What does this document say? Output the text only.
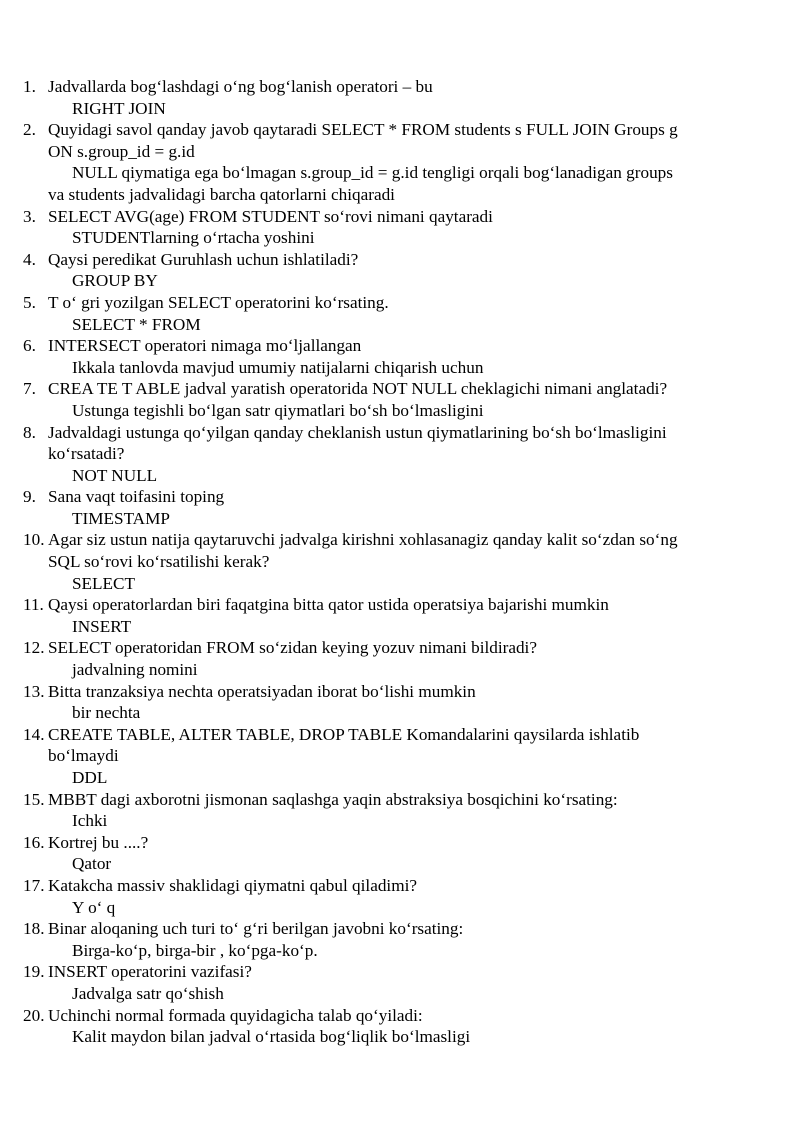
1. Jadvallarda bog‘lashdagi o‘ng bog‘lanish operatori – bu
RIGHT JOIN
2. Quyidagi savol qanday javob qaytaradi SELECT * FROM students s FULL JOIN Groups g
ON s.group_id = g.id
NULL qiymatiga ega bo‘lmagan s.group_id = g.id tengligi orqali bog‘lanadigan groups
va students jadvalidagi barcha qatorlarni chiqaradi
3. SELECT AVG(age) FROM STUDENT so‘rovi nimani qaytaradi
STUDENTlarning o‘rtacha yoshini
4. Qaysi peredikat Guruhlash uchun ishlatiladi?
GROUP BY
5. T o‘ gri yozilgan SELECT operatorini ko‘rsating.
SELECT * FROM
6. INTERSECT operatori nimaga mo‘ljallangan
Ikkala tanlovda mavjud umumiy natijalarni chiqarish uchun
7. CREA TE T ABLE jadval yaratish operatorida NOT NULL cheklagichi nimani anglatadi?
Ustunga tegishli bo‘lgan satr qiymatlari bo‘sh bo‘lmasligini
8. Jadvaldagi ustunga qo‘yilgan qanday cheklanish ustun qiymatlarining bo‘sh bo‘lmasligini
ko‘rsatadi?
NOT NULL
9. Sana vaqt toifasini toping
TIMESTAMP
10. Agar siz ustun natija qaytaruvchi jadvalga kirishni xohlasanagiz qanday kalit so‘zdan so‘ng
SQL so‘rovi ko‘rsatilishi kerak?
SELECT
11. Qaysi operatorlardan biri faqatgina bitta qator ustida operatsiya bajarishi mumkin
INSERT
12. SELECT operatoridan FROM so‘zidan keying yozuv nimani bildiradi?
jadvalning nomini
13. Bitta tranzaksiya nechta operatsiyadan iborat bo‘lishi mumkin
bir nechta
14. CREATE TABLE, ALTER TABLE, DROP TABLE Komandalarini qaysilarda ishlatib
bo‘lmaydi
DDL
15. MBBT dagi axborotni jismonan saqlashga yaqin abstraksiya bosqichini ko‘rsating:
Ichki
16. Kortrej bu ....?
Qator
17. Katakcha massiv shaklidagi qiymatni qabul qiladimi?
Y o‘ q
18. Binar aloqaning uch turi to‘ g‘ri berilgan javobni ko‘rsating:
Birga-ko‘p, birga-bir , ko‘pga-ko‘p.
19. INSERT operatorini vazifasi?
Jadvalga satr qo‘shish
20. Uchinchi normal formada quyidagicha talab qo‘yiladi:
Kalit maydon bilan jadval o‘rtasida bog‘liqlik bo‘lmasligi
